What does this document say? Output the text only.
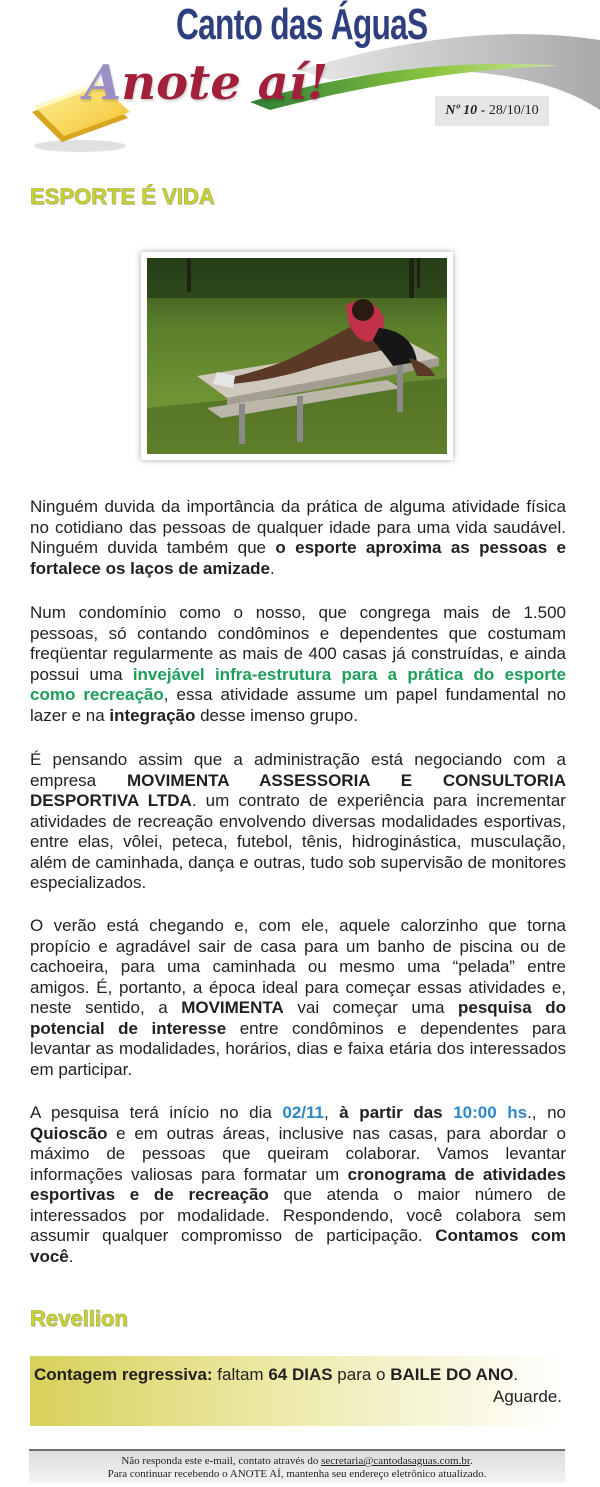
Canto das ÁguaS
Anote aí!	Nº 10 - 28/10/10
ESPORTE É VIDA

Ninguém duvida da importância da prática de alguma atividade física no cotidiano das pessoas de qualquer idade para uma vida saudável. Ninguém duvida também que o esporte aproxima as pessoas e fortalece os laços de amizade.

Num condomínio como o nosso, que congrega mais de 1.500 pessoas, só contando condôminos e dependentes que costumam freqüentar regularmente as mais de 400 casas já construídas, e ainda possui uma invejável infra-estrutura para a prática do esporte como recreação, essa atividade assume um papel fundamental no lazer e na integração desse imenso grupo.

É pensando assim que a administração está negociando com a empresa MOVIMENTA ASSESSORIA E CONSULTORIA DESPORTIVA LTDA. um contrato de experiência para incrementar atividades de recreação envolvendo diversas modalidades esportivas, entre elas, vôlei, peteca, futebol, tênis, hidroginástica, musculação, além de caminhada, dança e outras, tudo sob supervisão de monitores especializados.

O verão está chegando e, com ele, aquele calorzinho que torna propício e agradável sair de casa para um banho de piscina ou de cachoeira, para uma caminhada ou mesmo uma “pelada” entre amigos. É, portanto, a época ideal para começar essas atividades e, neste sentido, a MOVIMENTA vai começar uma pesquisa do potencial de interesse entre condôminos e dependentes para levantar as modalidades, horários, dias e faixa etária dos interessados em participar.

A pesquisa terá início no dia 02/11, à partir das 10:00 hs., no Quioscão e em outras áreas, inclusive nas casas, para abordar o máximo de pessoas que queiram colaborar. Vamos levantar informações valiosas para formatar um cronograma de atividades esportivas e de recreação que atenda o maior número de interessados por modalidade. Respondendo, você colabora sem assumir qualquer compromisso de participação. Contamos com você.

Revellion
Contagem regressiva: faltam 64 DIAS para o BAILE DO ANO.
Aguarde.
Não responda este e-mail, contato através do secretaria@cantodasaguas.com.br.
Para continuar recebendo o ANOTE AÍ, mantenha seu endereço eletrônico atualizado.
